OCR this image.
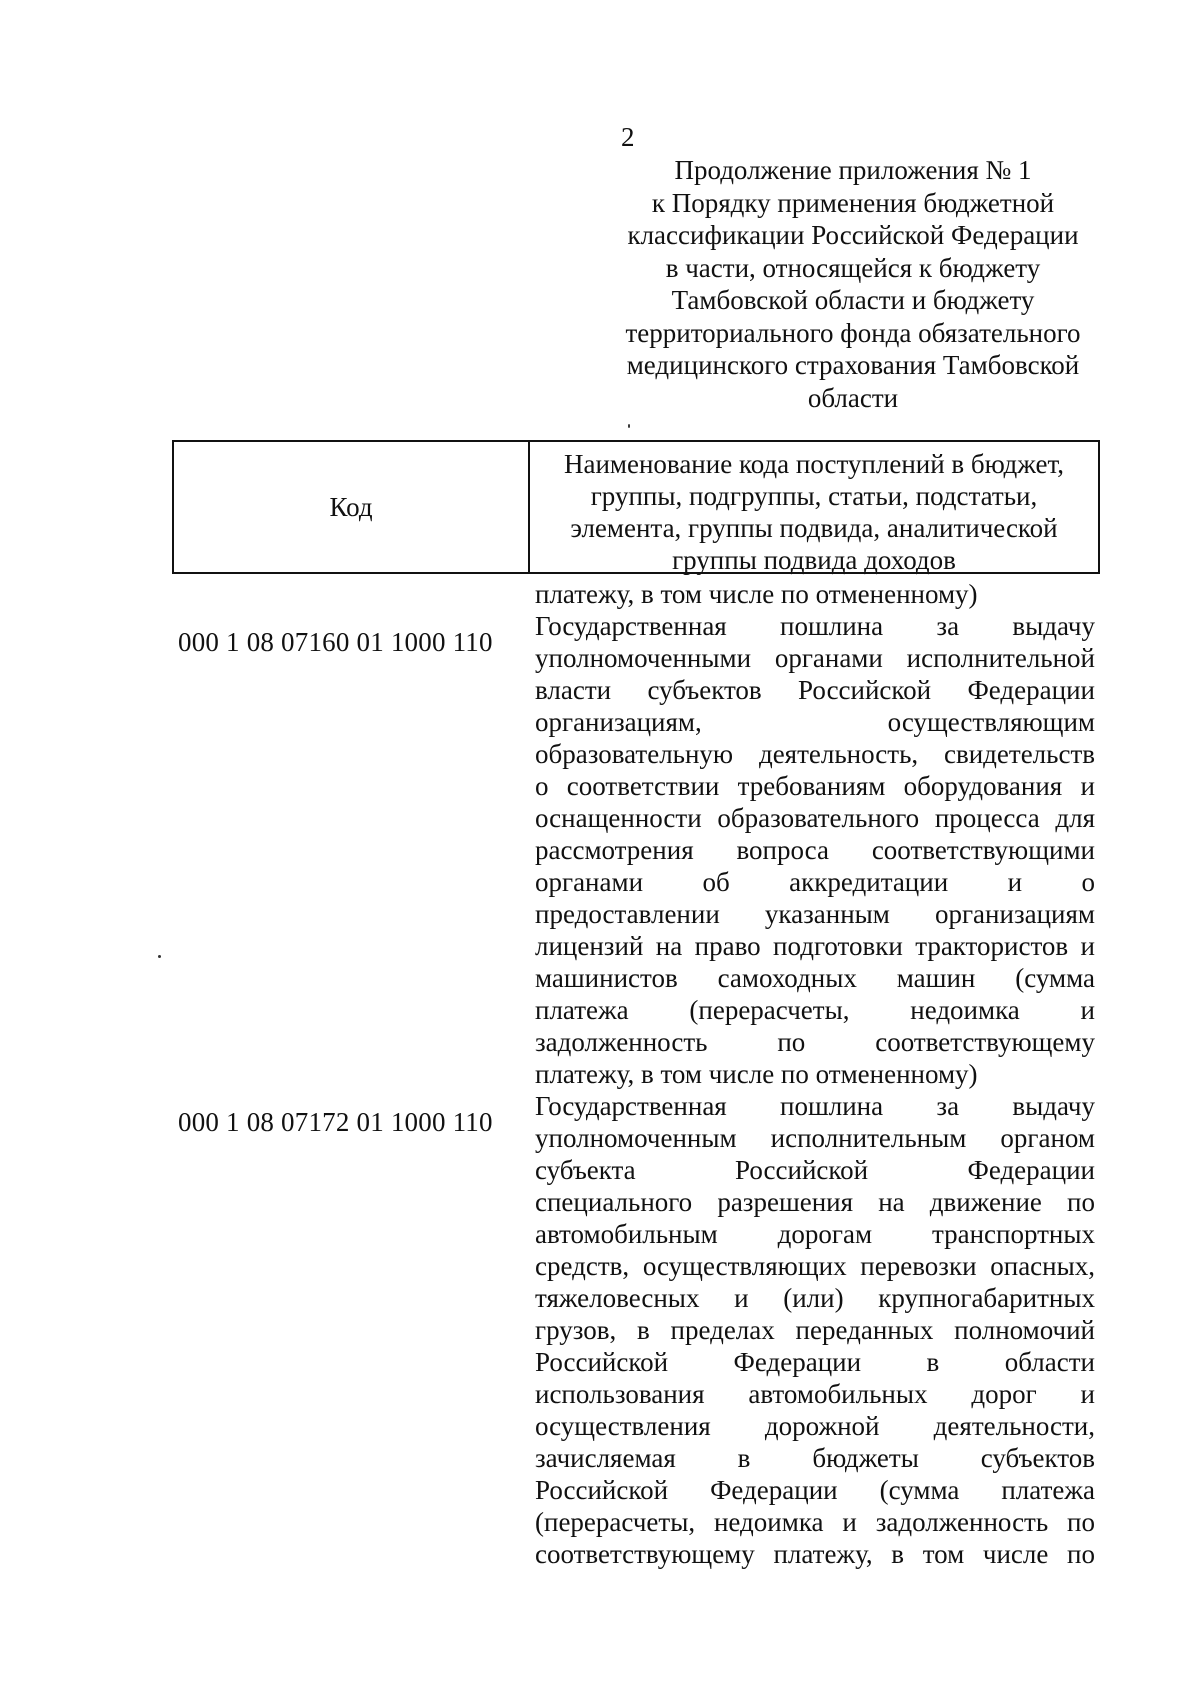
2
Продолжение приложения № 1
к Порядку применения бюджетной
классификации Российской Федерации
в части, относящейся к бюджету
Тамбовской области и бюджету
территориального фонда обязательного
медицинского страхования Тамбовской
области
Код
Наименование кода поступлений в бюджет,
группы, подгруппы, статьи, подстатьи,
элемента, группы подвида, аналитической
группы подвида доходов
платежу, в том числе по отмененному)
000 1 08 07160 01 1000 110
Государственная пошлина за выдачу
уполномоченными органами исполнительной
власти субъектов Российской Федерации
организациям, осуществляющим
образовательную деятельность, свидетельств
о соответствии требованиям оборудования и
оснащенности образовательного процесса для
рассмотрения вопроса соответствующими
органами об аккредитации и о
предоставлении указанным организациям
лицензий на право подготовки трактористов и
машинистов самоходных машин (сумма
платежа (перерасчеты, недоимка и
задолженность по соответствующему
платежу, в том числе по отмененному)
000 1 08 07172 01 1000 110
Государственная пошлина за выдачу
уполномоченным исполнительным органом
субъекта Российской Федерации
специального разрешения на движение по
автомобильным дорогам транспортных
средств, осуществляющих перевозки опасных,
тяжеловесных и (или) крупногабаритных
грузов, в пределах переданных полномочий
Российской Федерации в области
использования автомобильных дорог и
осуществления дорожной деятельности,
зачисляемая в бюджеты субъектов
Российской Федерации (сумма платежа
(перерасчеты, недоимка и задолженность по
соответствующему платежу, в том числе по
